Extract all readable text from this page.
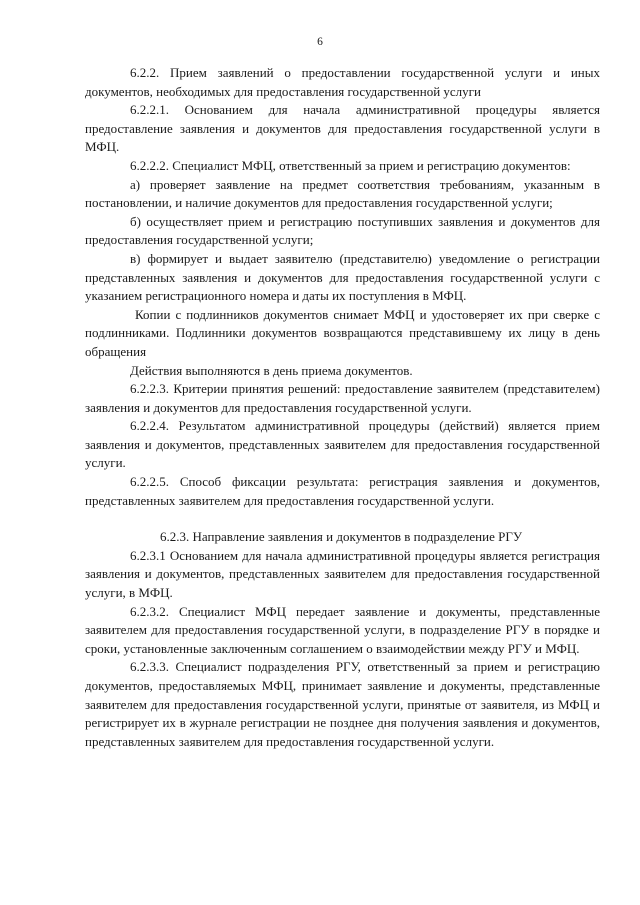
6

6.2.2. Прием заявлений о предоставлении государственной услуги и иных документов, необходимых для предоставления государственной услуги

6.2.2.1. Основанием для начала административной процедуры является предоставление заявления и документов для предоставления государственной услуги в МФЦ.

6.2.2.2. Специалист МФЦ, ответственный за прием и регистрацию документов:

а) проверяет заявление на предмет соответствия требованиям, указанным в постановлении, и наличие документов для предоставления государственной услуги;

б) осуществляет прием и регистрацию поступивших заявления и документов для предоставления государственной услуги;

в) формирует и выдает заявителю (представителю) уведомление о регистрации представленных заявления и документов для предоставления государственной услуги с указанием регистрационного номера и даты их поступления в МФЦ.

Копии с подлинников документов снимает МФЦ и удостоверяет их при сверке с подлинниками. Подлинники документов возвращаются представившему их лицу в день обращения

Действия выполняются в день приема документов.

6.2.2.3. Критерии принятия решений: предоставление заявителем (представителем) заявления и документов для предоставления государственной услуги.

6.2.2.4. Результатом административной процедуры (действий) является прием заявления и документов, представленных заявителем для предоставления государственной услуги.

6.2.2.5. Способ фиксации результата: регистрация заявления и документов, представленных заявителем для предоставления государственной услуги.

6.2.3. Направление заявления и документов в подразделение РГУ

6.2.3.1 Основанием для начала административной процедуры является регистрация заявления и документов, представленных заявителем для предоставления государственной услуги, в МФЦ.

6.2.3.2. Специалист МФЦ передает заявление и документы, представленные заявителем для предоставления государственной услуги, в подразделение РГУ в порядке и сроки, установленные заключенным соглашением о взаимодействии между РГУ и МФЦ.

6.2.3.3. Специалист подразделения РГУ, ответственный за прием и регистрацию документов, предоставляемых МФЦ, принимает заявление и документы, представленные заявителем для предоставления государственной услуги, принятые от заявителя, из МФЦ и регистрирует их в журнале регистрации не позднее дня получения заявления и документов, представленных заявителем для предоставления государственной услуги.
